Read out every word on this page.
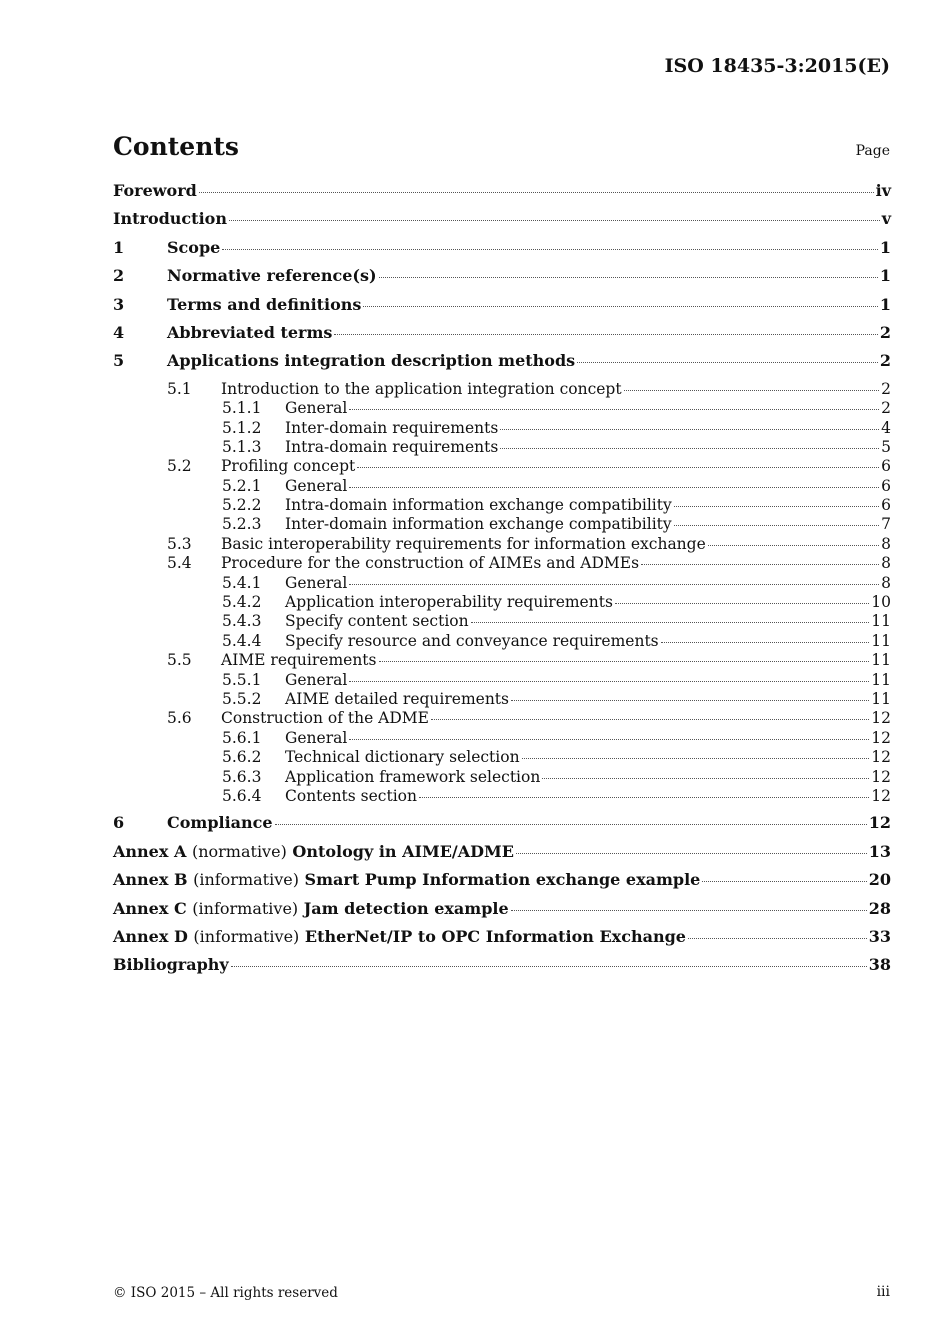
ISO 18435-3:2015(E)
Contents	Page
Foreword	iv
Introduction	v
1	Scope	1
2	Normative reference(s)	1
3	Terms and definitions	1
4	Abbreviated terms	2
5	Applications integration description methods	2
5.1	Introduction to the application integration concept	2
5.1.1	General	2
5.1.2	Inter-domain requirements	4
5.1.3	Intra-domain requirements	5
5.2	Profiling concept	6
5.2.1	General	6
5.2.2	Intra-domain information exchange compatibility	6
5.2.3	Inter-domain information exchange compatibility	7
5.3	Basic interoperability requirements for information exchange	8
5.4	Procedure for the construction of AIMEs and ADMEs	8
5.4.1	General	8
5.4.2	Application interoperability requirements	10
5.4.3	Specify content section	11
5.4.4	Specify resource and conveyance requirements	11
5.5	AIME requirements	11
5.5.1	General	11
5.5.2	AIME detailed requirements	11
5.6	Construction of the ADME	12
5.6.1	General	12
5.6.2	Technical dictionary selection	12
5.6.3	Application framework selection	12
5.6.4	Contents section	12
6	Compliance	12
Annex A (normative) Ontology in AIME/ADME	13
Annex B (informative) Smart Pump Information exchange example	20
Annex C (informative) Jam detection example	28
Annex D (informative) EtherNet/IP to OPC Information Exchange	33
Bibliography	38
© ISO 2015 – All rights reserved	iii
